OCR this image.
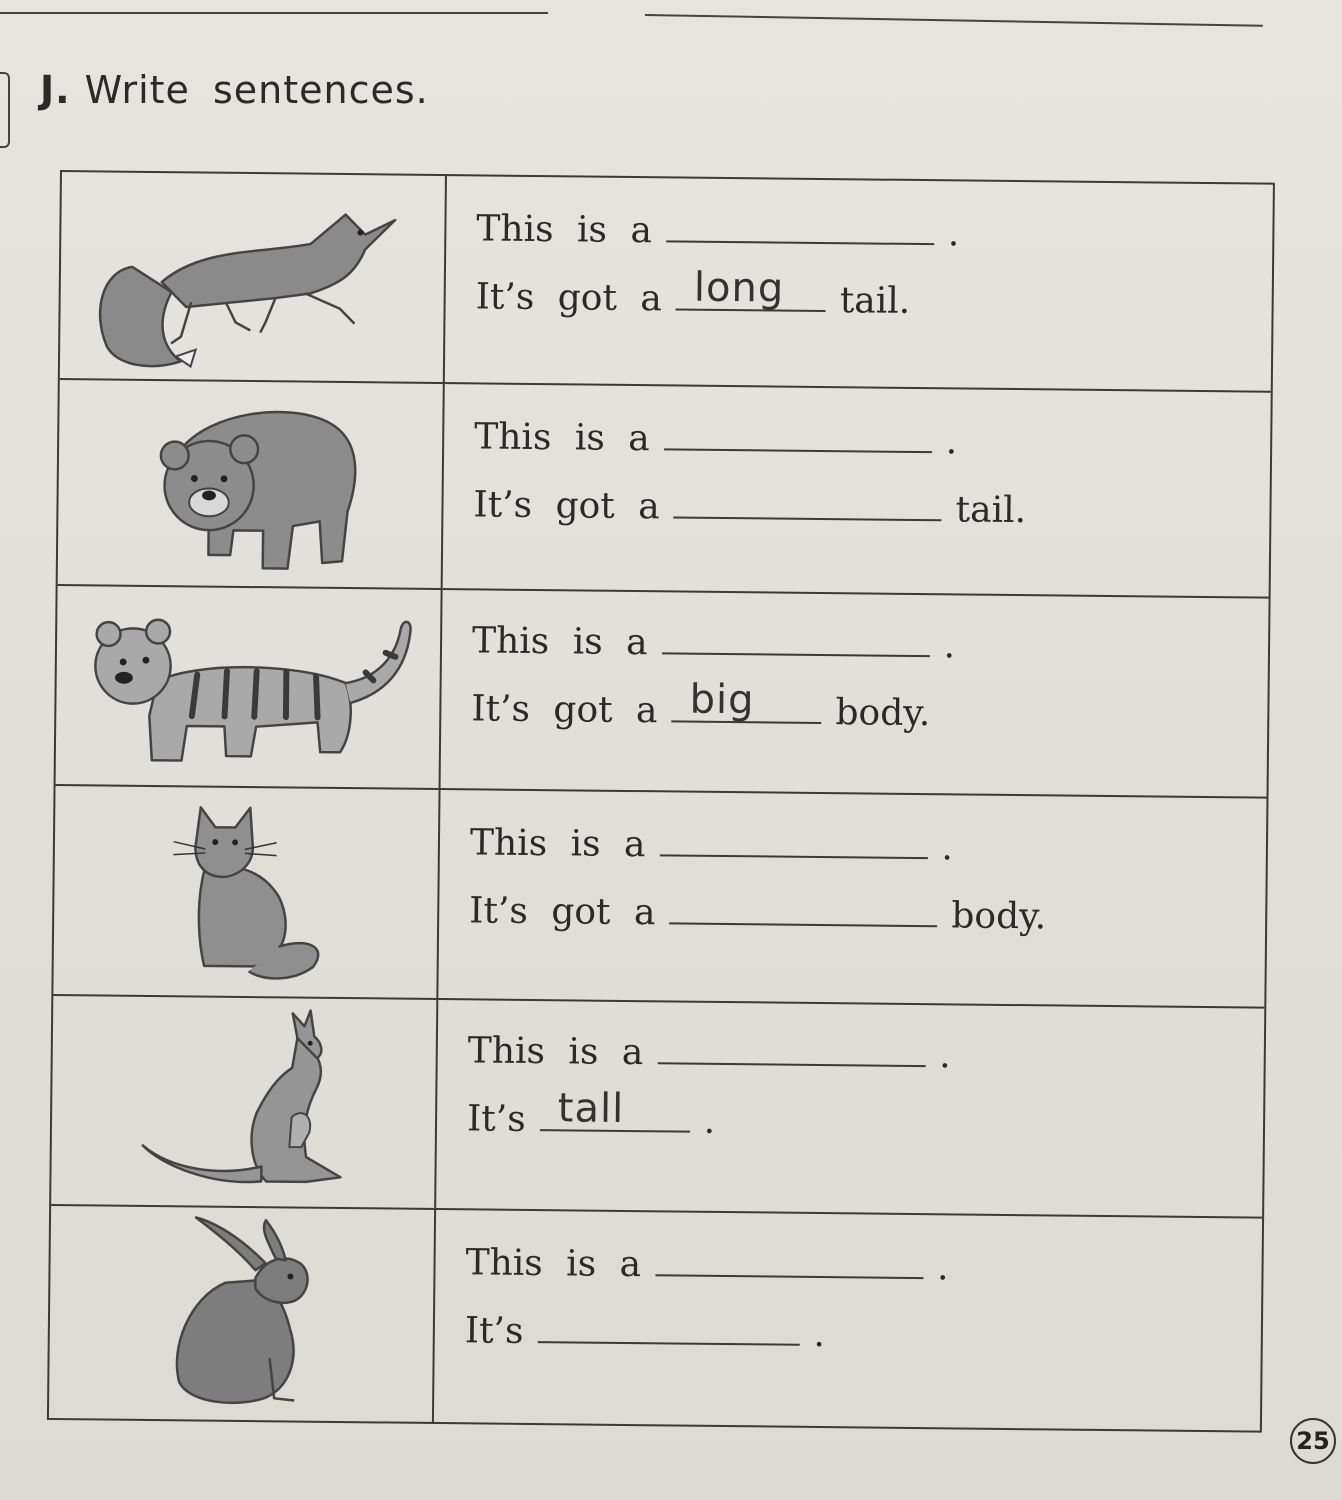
J. Write sentences.
This is a	.
It’s got a long tail.
This is a	.
It’s got a	tail.
This is a	.
It’s got a big body.
This is a	.
It’s got a	body.
This is a	.
It’s tall .
This is a	.
It’s	.
25
